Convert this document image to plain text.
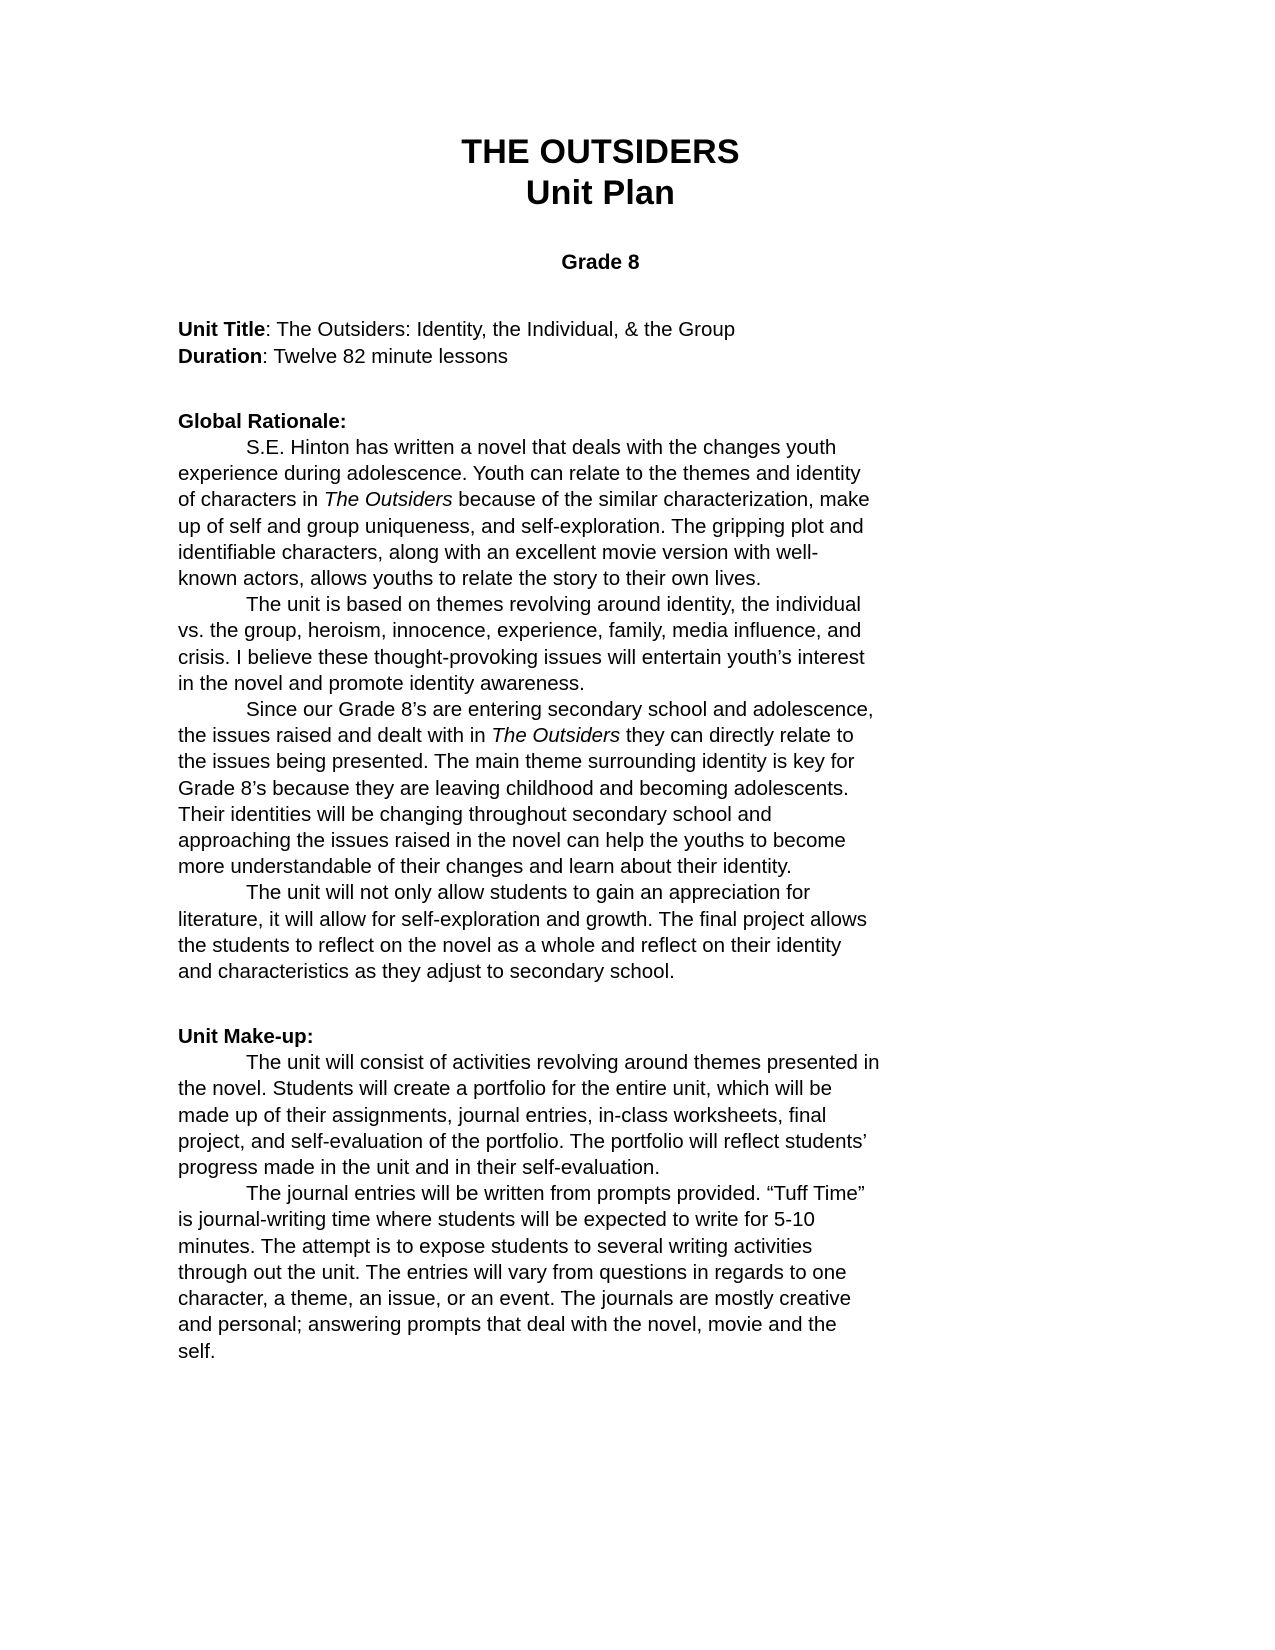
THE OUTSIDERS
Unit Plan
Grade 8
Unit Title: The Outsiders: Identity, the Individual, & the Group
Duration: Twelve 82 minute lessons
Global Rationale:

S.E. Hinton has written a novel that deals with the changes youth
experience during adolescence. Youth can relate to the themes and identity
of characters in The Outsiders because of the similar characterization, make
up of self and group uniqueness, and self-exploration. The gripping plot and
identifiable characters, along with an excellent movie version with well-
known actors, allows youths to relate the story to their own lives.

The unit is based on themes revolving around identity, the individual
vs. the group, heroism, innocence, experience, family, media influence, and
crisis. I believe these thought-provoking issues will entertain youth’s interest
in the novel and promote identity awareness.

Since our Grade 8’s are entering secondary school and adolescence,
the issues raised and dealt with in The Outsiders they can directly relate to
the issues being presented. The main theme surrounding identity is key for
Grade 8’s because they are leaving childhood and becoming adolescents.
Their identities will be changing throughout secondary school and
approaching the issues raised in the novel can help the youths to become
more understandable of their changes and learn about their identity.

The unit will not only allow students to gain an appreciation for
literature, it will allow for self-exploration and growth. The final project allows
the students to reflect on the novel as a whole and reflect on their identity
and characteristics as they adjust to secondary school.

Unit Make-up:

The unit will consist of activities revolving around themes presented in
the novel. Students will create a portfolio for the entire unit, which will be
made up of their assignments, journal entries, in-class worksheets, final
project, and self-evaluation of the portfolio. The portfolio will reflect students’
progress made in the unit and in their self-evaluation.

The journal entries will be written from prompts provided. “Tuff Time”
is journal-writing time where students will be expected to write for 5-10
minutes. The attempt is to expose students to several writing activities
through out the unit. The entries will vary from questions in regards to one
character, a theme, an issue, or an event. The journals are mostly creative
and personal; answering prompts that deal with the novel, movie and the
self.
